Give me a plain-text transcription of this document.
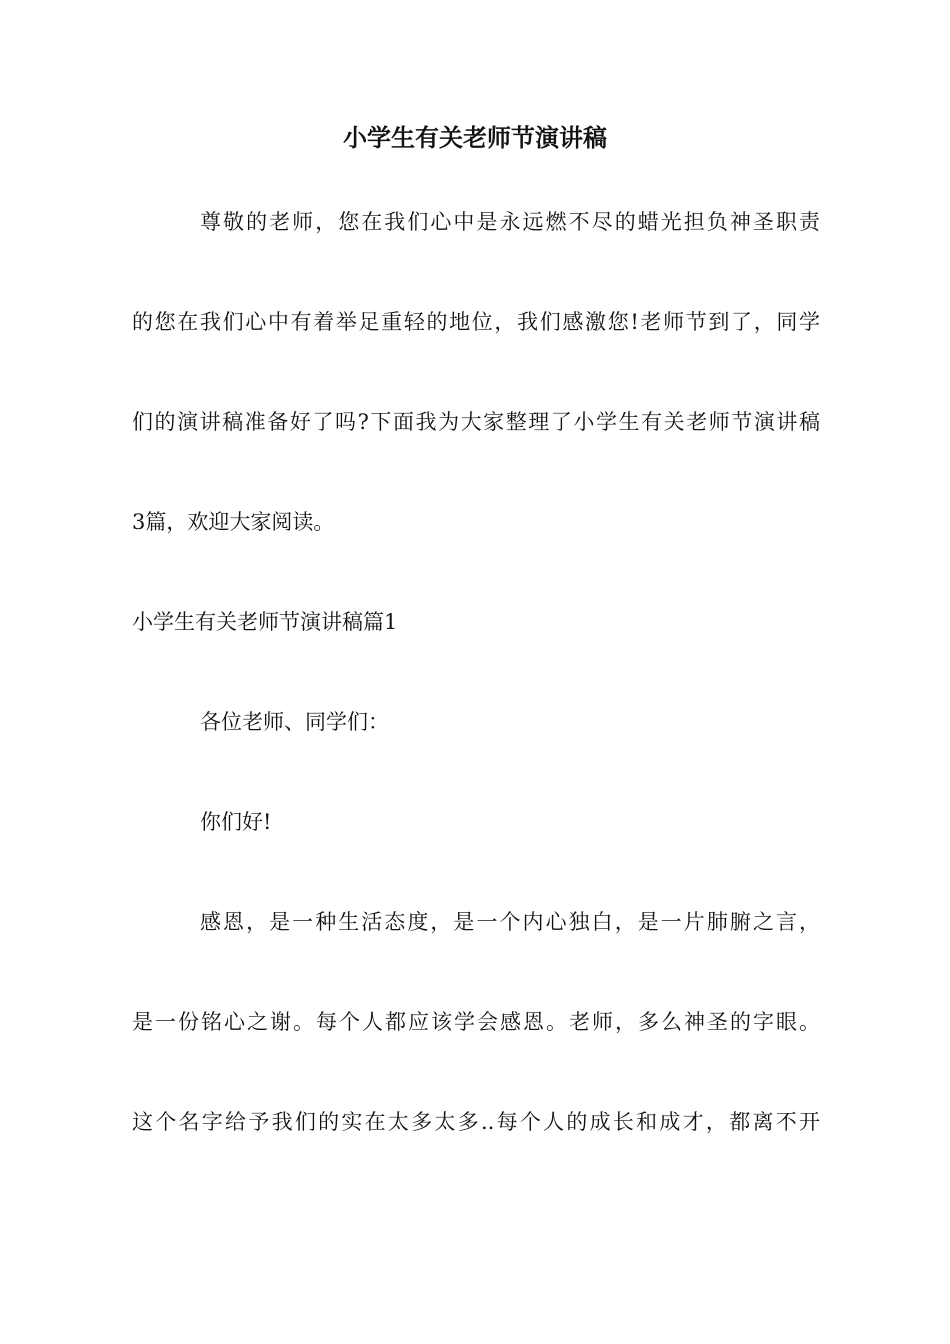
小学生有关老师节演讲稿

尊敬的老师，您在我们心中是永远燃不尽的蜡光担负神圣职责

的您在我们心中有着举足重轻的地位，我们感激您!老师节到了，同学

们的演讲稿准备好了吗?下面我为大家整理了小学生有关老师节演讲稿

3篇，欢迎大家阅读。

小学生有关老师节演讲稿篇1

各位老师、同学们：

你们好!

感恩，是一种生活态度，是一个内心独白，是一片肺腑之言，

是一份铭心之谢。每个人都应该学会感恩。老师，多么神圣的字眼。

这个名字给予我们的实在太多太多..每个人的成长和成才，都离不开
